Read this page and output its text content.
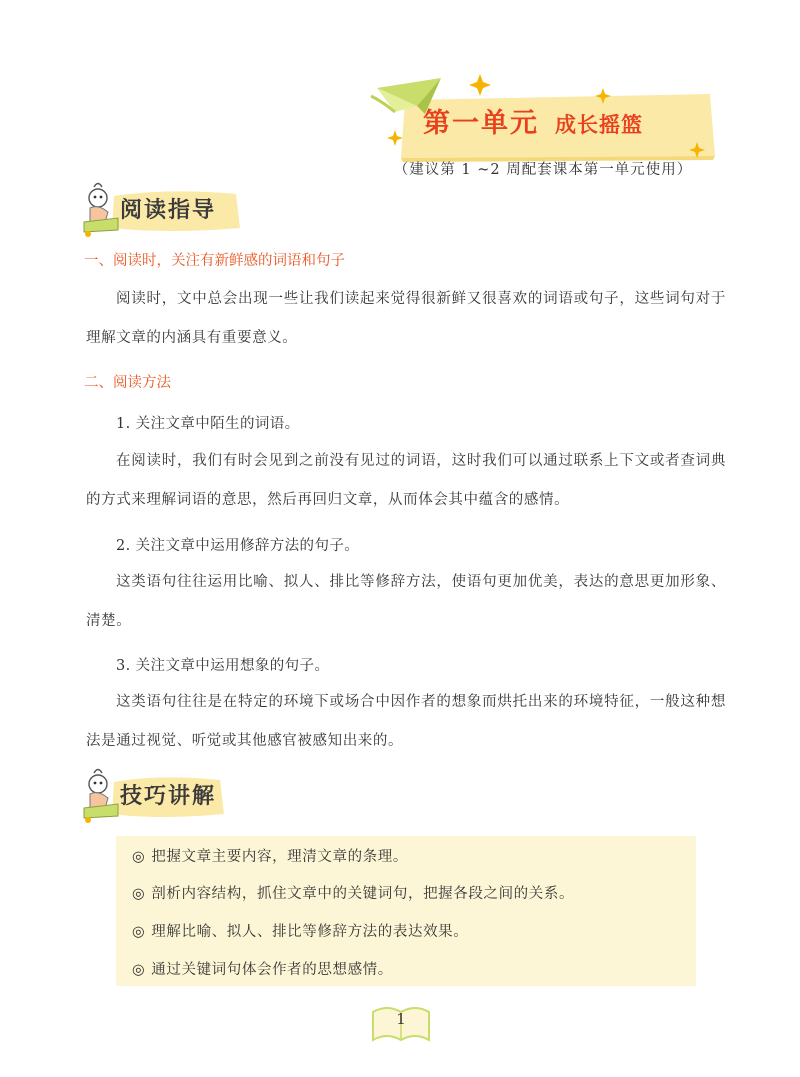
第一单元 成长摇篮
（建议第 1 ~2 周配套课本第一单元使用）
阅读指导
一、阅读时，关注有新鲜感的词语和句子
阅读时，文中总会出现一些让我们读起来觉得很新鲜又很喜欢的词语或句子，这些词句对于理解文章的内涵具有重要意义。
二、阅读方法
1. 关注文章中陌生的词语。
在阅读时，我们有时会见到之前没有见过的词语，这时我们可以通过联系上下文或者查词典的方式来理解词语的意思，然后再回归文章，从而体会其中蕴含的感情。
2. 关注文章中运用修辞方法的句子。
这类语句往往运用比喻、拟人、排比等修辞方法，使语句更加优美，表达的意思更加形象、清楚。
3. 关注文章中运用想象的句子。
这类语句往往是在特定的环境下或场合中因作者的想象而烘托出来的环境特征，一般这种想法是通过视觉、听觉或其他感官被感知出来的。
技巧讲解
◎ 把握文章主要内容，理清文章的条理。
◎ 剖析内容结构，抓住文章中的关键词句，把握各段之间的关系。
◎ 理解比喻、拟人、排比等修辞方法的表达效果。
◎ 通过关键词句体会作者的思想感情。
1
